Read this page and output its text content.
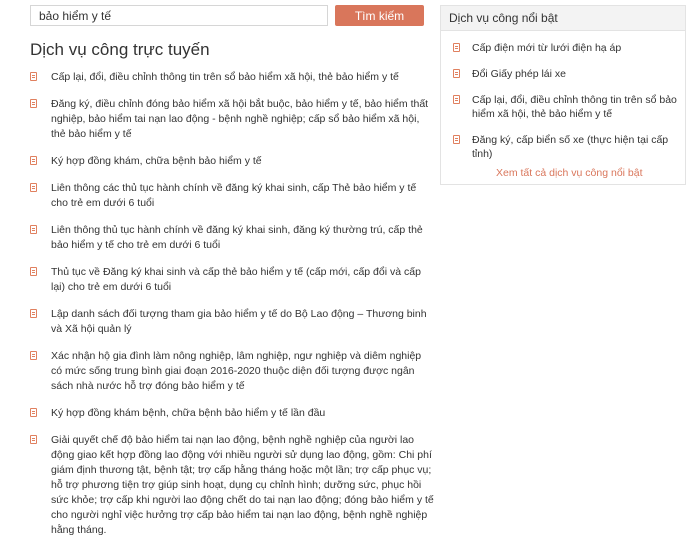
bảo hiểm y tế
Tìm kiếm
Dịch vụ công trực tuyến
Cấp lại, đổi, điều chỉnh thông tin trên sổ bảo hiểm xã hội, thẻ bảo hiểm y tế
Đăng ký, điều chỉnh đóng bảo hiểm xã hội bắt buộc, bảo hiểm y tế, bảo hiểm thất nghiệp, bảo hiểm tai nạn lao động - bệnh nghề nghiệp; cấp sổ bảo hiểm xã hội, thẻ bảo hiểm y tế
Ký hợp đồng khám, chữa bệnh bảo hiểm y tế
Liên thông các thủ tục hành chính về đăng ký khai sinh, cấp Thẻ bảo hiểm y tế cho trẻ em dưới 6 tuổi
Liên thông thủ tục hành chính về đăng ký khai sinh, đăng ký thường trú, cấp thẻ bảo hiểm y tế cho trẻ em dưới 6 tuổi
Thủ tục về Đăng ký khai sinh và cấp thẻ bảo hiểm y tế (cấp mới, cấp đổi và cấp lại) cho trẻ em dưới 6 tuổi
Lập danh sách đối tượng tham gia bảo hiểm y tế do Bộ Lao động – Thương binh và Xã hội quản lý
Xác nhận hộ gia đình làm nông nghiệp, lâm nghiệp, ngư nghiệp và diêm nghiệp có mức sống trung bình giai đoạn 2016-2020 thuộc diện đối tượng được ngân sách nhà nước hỗ trợ đóng bảo hiểm y tế
Ký hợp đồng khám bệnh, chữa bệnh bảo hiểm y tế lần đầu
Giải quyết chế độ bảo hiểm tai nạn lao động, bệnh nghề nghiệp của người lao động giao kết hợp đồng lao động với nhiều người sử dụng lao động, gồm: Chi phí giám định thương tật, bệnh tật; trợ cấp hằng tháng hoặc một lần; trợ cấp phục vụ; hỗ trợ phương tiện trợ giúp sinh hoạt, dụng cụ chỉnh hình; dưỡng sức, phục hồi sức khỏe; trợ cấp khi người lao động chết do tai nạn lao động; đóng bảo hiểm y tế cho người nghỉ việc hưởng trợ cấp bảo hiểm tai nạn lao động, bệnh nghề nghiệp hằng tháng.
Dịch vụ công nổi bật
Cấp điện mới từ lưới điện hạ áp
Đổi Giấy phép lái xe
Cấp lại, đổi, điều chỉnh thông tin trên sổ bảo hiểm xã hội, thẻ bảo hiểm y tế
Đăng ký, cấp biển số xe (thực hiện tại cấp tỉnh)
Xem tất cả dịch vụ công nổi bật
